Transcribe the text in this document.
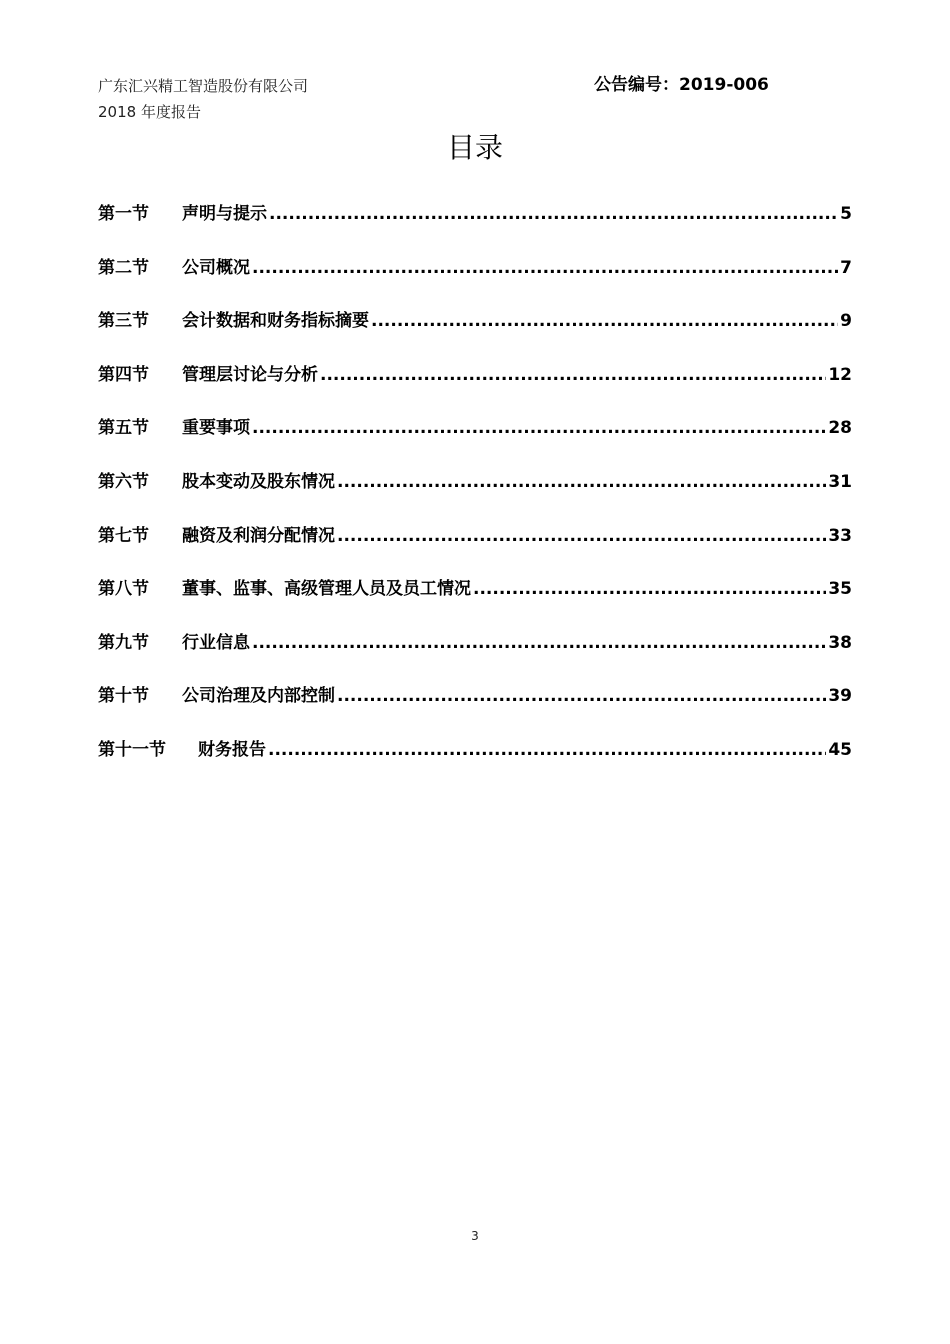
广东汇兴精工智造股份有限公司
2018 年度报告
公告编号：2019-006
目录
第一节	声明与提示 .....	5
第二节	公司概况 .....	7
第三节	会计数据和财务指标摘要 .....	9
第四节	管理层讨论与分析 .....	12
第五节	重要事项 .....	28
第六节	股本变动及股东情况 .....	31
第七节	融资及利润分配情况 .....	33
第八节	董事、监事、高级管理人员及员工情况 .....	35
第九节	行业信息 .....	38
第十节	公司治理及内部控制 .....	39
第十一节	财务报告 .....	45
3
